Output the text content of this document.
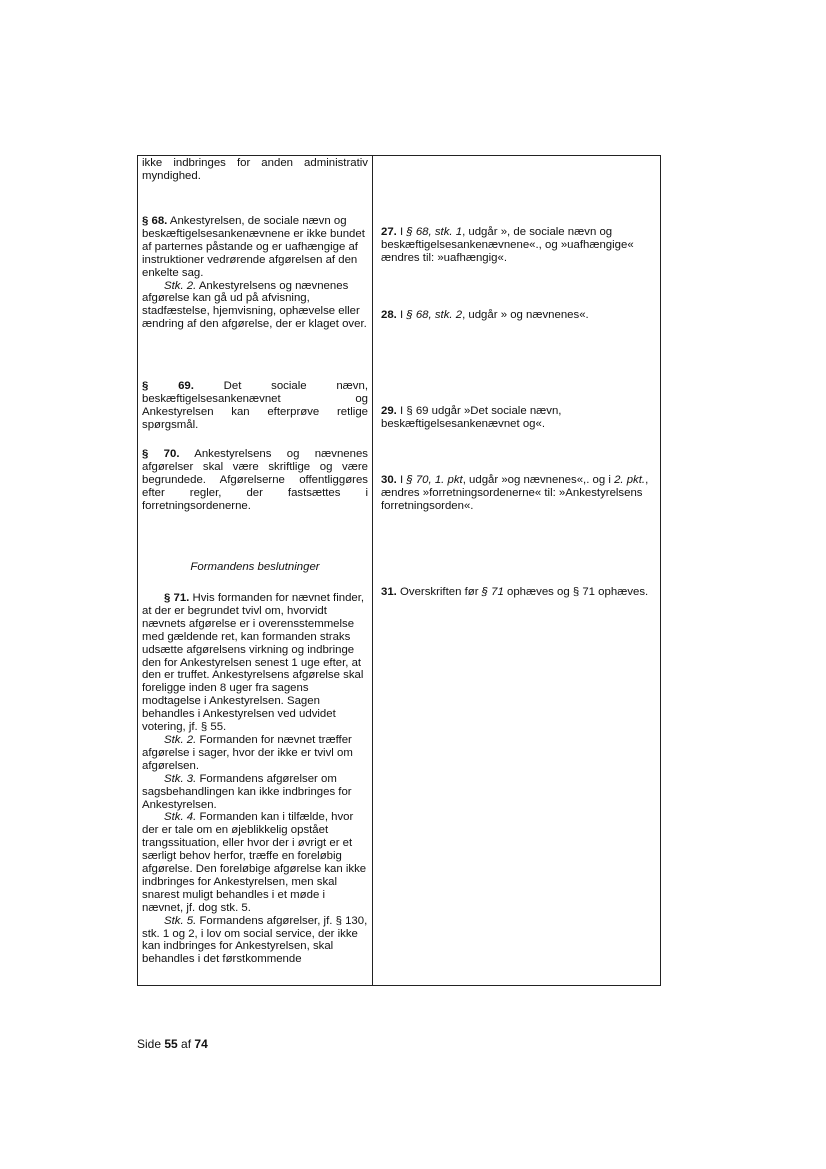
ikke indbringes for anden administrativ myndighed.

§ 68. Ankestyrelsen, de sociale nævn og beskæftigelsesankenævnene er ikke bundet af parternes påstande og er uafhængige af instruktioner vedrørende afgørelsen af den enkelte sag.

Stk. 2. Ankestyrelsens og nævnenes afgørelse kan gå ud på afvisning, stadfæstelse, hjemvisning, ophævelse eller ændring af den afgørelse, der er klaget over.

§ 69. Det sociale nævn, beskæftigelsesankenævnet og Ankestyrelsen kan efterprøve retlige spørgsmål.

§ 70. Ankestyrelsens og nævnenes afgørelser skal være skriftlige og være begrundede. Afgørelserne offentliggøres efter regler, der fastsættes i forretningsordenerne.

Formandens beslutninger

§ 71. Hvis formanden for nævnet finder, at der er begrundet tvivl om, hvorvidt nævnets afgørelse er i overensstemmelse med gældende ret, kan formanden straks udsætte afgørelsens virkning og indbringe den for Ankestyrelsen senest 1 uge efter, at den er truffet. Ankestyrelsens afgørelse skal foreligge inden 8 uger fra sagens modtagelse i Ankestyrelsen. Sagen behandles i Ankestyrelsen ved udvidet votering, jf. § 55.

Stk. 2. Formanden for nævnet træffer afgørelse i sager, hvor der ikke er tvivl om afgørelsen.

Stk. 3. Formandens afgørelser om sagsbehandlingen kan ikke indbringes for Ankestyrelsen.

Stk. 4. Formanden kan i tilfælde, hvor der er tale om en øjeblikkelig opstået trangssituation, eller hvor der i øvrigt er et særligt behov herfor, træffe en foreløbig afgørelse. Den foreløbige afgørelse kan ikke indbringes for Ankestyrelsen, men skal snarest muligt behandles i et møde i nævnet, jf. dog stk. 5.

Stk. 5. Formandens afgørelser, jf. § 130, stk. 1 og 2, i lov om social service, der ikke kan indbringes for Ankestyrelsen, skal behandles i det førstkommende

27. I § 68, stk. 1, udgår », de sociale nævn og beskæftigelsesankenævnene«., og »uafhængige« ændres til: »uafhængig«.

28. I § 68, stk. 2, udgår » og nævnenes«.

29. I § 69 udgår »Det sociale nævn, beskæftigelsesankenævnet og«.

30. I § 70, 1. pkt, udgår »og nævnenes«,. og i 2. pkt., ændres »forretningsordenerne« til: »Ankestyrelsens forretningsorden«.

31. Overskriften før § 71 ophæves og § 71 ophæves.

Side 55 af 74
